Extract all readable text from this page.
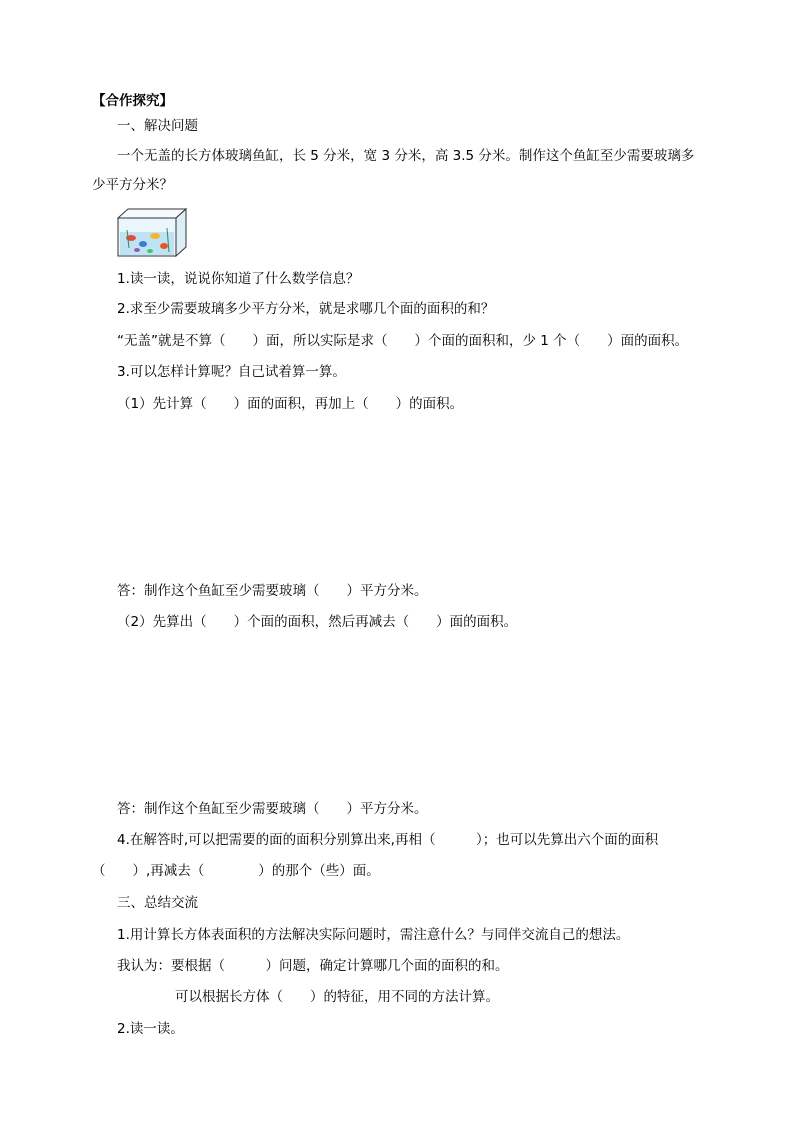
【合作探究】
一、解决问题
一个无盖的长方体玻璃鱼缸，长 5 分米，宽 3 分米，高 3.5 分米。制作这个鱼缸至少需要玻璃多
少平方分米？
1.读一读，说说你知道了什么数学信息？
2.求至少需要玻璃多少平方分米，就是求哪几个面的面积的和？
“无盖”就是不算（　　）面，所以实际是求（　　）个面的面积和，少 1 个（　　）面的面积。
3.可以怎样计算呢？自己试着算一算。
（1）先计算（　　）面的面积，再加上（　　）的面积。
答：制作这个鱼缸至少需要玻璃（　　）平方分米。
（2）先算出（　　）个面的面积，然后再减去（　　）面的面积。
答：制作这个鱼缸至少需要玻璃（　　）平方分米。
4.在解答时,可以把需要的面的面积分别算出来,再相（　　　）；也可以先算出六个面的面积
（　　）,再减去（　　　　）的那个（些）面。
三、总结交流
1.用计算长方体表面积的方法解决实际问题时，需注意什么？与同伴交流自己的想法。
我认为：要根据（　　　）问题，确定计算哪几个面的面积的和。
可以根据长方体（　　）的特征，用不同的方法计算。
2.读一读。
